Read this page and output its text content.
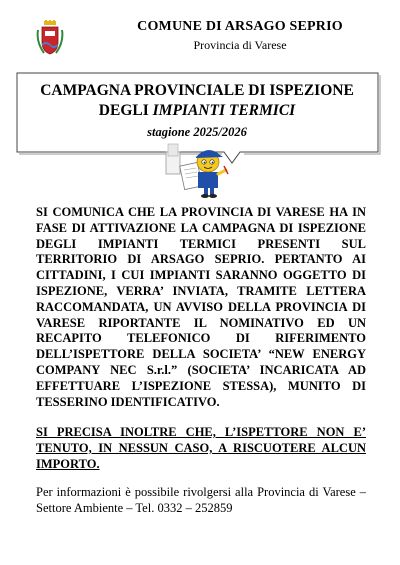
COMUNE DI ARSAGO SEPRIO
Provincia di Varese
CAMPAGNA PROVINCIALE DI ISPEZIONE
DEGLI IMPIANTI TERMICI
stagione 2025/2026

SI COMUNICA CHE LA PROVINCIA DI VARESE HA IN FASE DI ATTIVAZIONE LA CAMPAGNA DI ISPEZIONE DEGLI IMPIANTI TERMICI PRESENTI SUL TERRITORIO DI ARSAGO SEPRIO. PERTANTO AI CITTADINI, I CUI IMPIANTI SARANNO OGGETTO DI ISPEZIONE, VERRA’ INVIATA, TRAMITE LETTERA RACCOMANDATA, UN AVVISO DELLA PROVINCIA DI VARESE RIPORTANTE IL NOMINATIVO ED UN RECAPITO TELEFONICO DI RIFERIMENTO DELL’ISPETTORE DELLA SOCIETA’ “NEW ENERGY COMPANY NEC S.r.l.” (SOCIETA’ INCARICATA AD EFFETTUARE L’ISPEZIONE STESSA), MUNITO DI TESSERINO IDENTIFICATIVO.

SI PRECISA INOLTRE CHE, L’ISPETTORE NON E’ TENUTO, IN NESSUN CASO, A RISCUOTERE ALCUN IMPORTO.

Per informazioni è possibile rivolgersi alla Provincia di Varese – Settore Ambiente – Tel. 0332 – 252859
